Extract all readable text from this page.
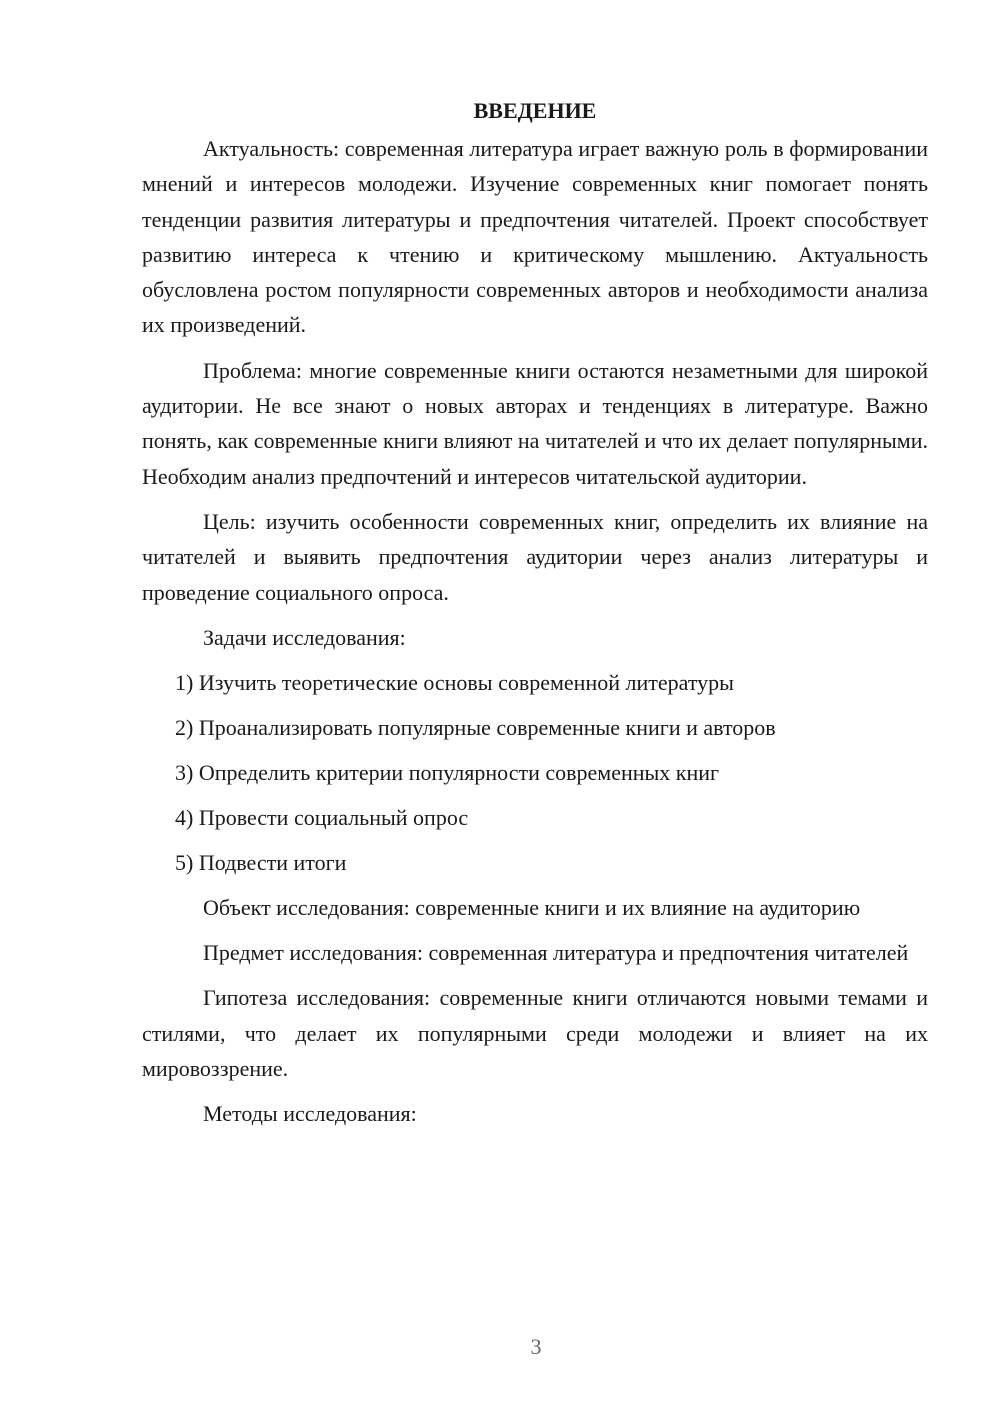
ВВЕДЕНИЕ

Актуальность: современная литература играет важную роль в формировании мнений и интересов молодежи. Изучение современных книг помогает понять тенденции развития литературы и предпочтения читателей. Проект способствует развитию интереса к чтению и критическому мышлению. Актуальность обусловлена ростом популярности современных авторов и необходимости анализа их произведений.

Проблема: многие современные книги остаются незаметными для широкой аудитории. Не все знают о новых авторах и тенденциях в литературе. Важно понять, как современные книги влияют на читателей и что их делает популярными. Необходим анализ предпочтений и интересов читательской аудитории.

Цель: изучить особенности современных книг, определить их влияние на читателей и выявить предпочтения аудитории через анализ литературы и проведение социального опроса.

Задачи исследования:
1) Изучить теоретические основы современной литературы
2) Проанализировать популярные современные книги и авторов
3) Определить критерии популярности современных книг
4) Провести социальный опрос
5) Подвести итоги

Объект исследования: современные книги и их влияние на аудиторию

Предмет исследования: современная литература и предпочтения читателей

Гипотеза исследования: современные книги отличаются новыми темами и стилями, что делает их популярными среди молодежи и влияет на их мировоззрение.

Методы исследования:
3
